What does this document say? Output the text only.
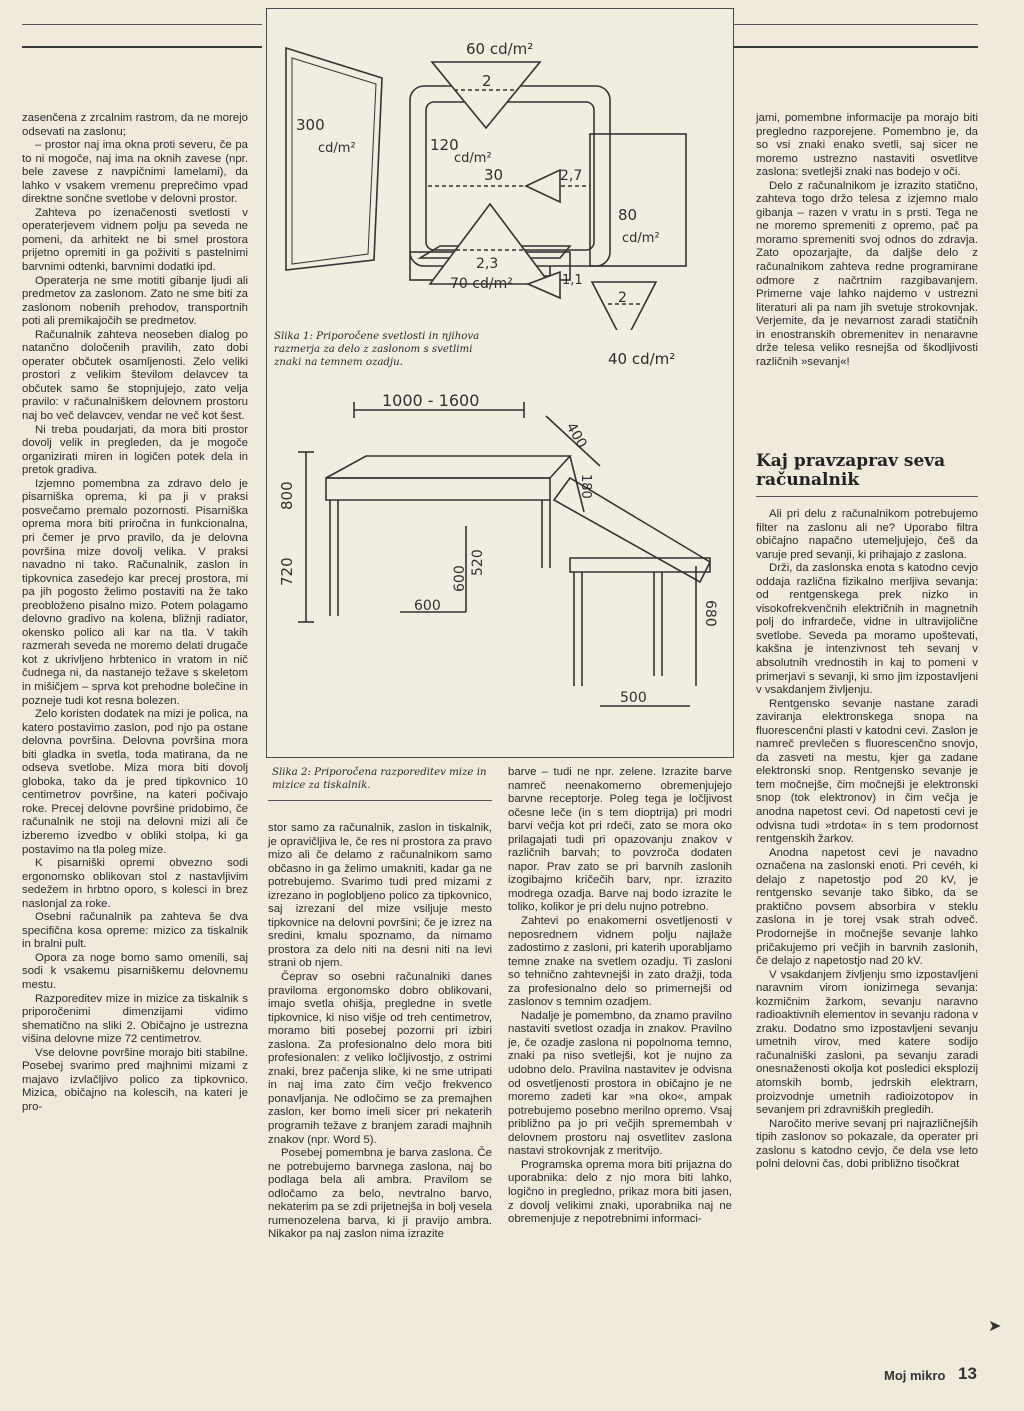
zasenčena z zrcalnim rastrom, da ne morejo odsevati na zaslonu;

– prostor naj ima okna proti severu, če pa to ni mogoče, naj ima na oknih zavese (npr. bele zavese z navpičnimi lamelami), da lahko v vsakem vremenu preprečimo vpad direktne sončne svetlobe v delovni prostor.

Zahteva po izenačenosti svetlosti v operaterjevem vidnem polju pa seveda ne pomeni, da arhitekt ne bi smel prostora prijetno opremiti in ga poživiti s pastelnimi barvnimi odtenki, barvnimi dodatki ipd.

Operaterja ne sme motiti gibanje ljudi ali predmetov za zaslonom. Zato ne sme biti za zaslonom nobenih prehodov, transportnih poti ali premikajočih se predmetov.

Računalnik zahteva neoseben dialog po natančno določenih pravilih, zato dobi operater občutek osamljenosti. Zelo veliki prostori z velikim številom delavcev ta občutek samo še stopnjujejo, zato velja pravilo: v računalniškem delovnem prostoru naj bo več delavcev, vendar ne več kot šest.

Ni treba poudarjati, da mora biti prostor dovolj velik in pregleden, da je mogoče organizirati miren in logičen potek dela in pretok gradiva.

Izjemno pomembna za zdravo delo je pisarniška oprema, ki pa ji v praksi posvečamo premalo pozornosti. Pisarniška oprema mora biti priročna in funkcionalna, pri čemer je prvo pravilo, da je delovna površina mize dovolj velika. V praksi navadno ni tako. Računalnik, zaslon in tipkovnica zasedejo kar precej prostora, mi pa jih pogosto želimo postaviti na že tako preobloženo pisalno mizo. Potem polagamo delovno gradivo na kolena, bližnji radiator, okensko polico ali kar na tla. V takih razmerah seveda ne moremo delati drugače kot z ukrivljeno hrbtenico in vratom in nič čudnega ni, da nastanejo težave s skeletom in mišičjem – sprva kot prehodne bolečine in pozneje tudi kot resna bolezen.

Zelo koristen dodatek na mizi je polica, na katero postavimo zaslon, pod njo pa ostane delovna površina. Delovna površina mora biti gladka in svetla, toda matirana, da ne odseva svetlobe. Miza mora biti dovolj globoka, tako da je pred tipkovnico 10 centimetrov površine, na kateri počivajo roke. Precej delovne površine pridobimo, če računalnik ne stoji na delovni mizi ali če izberemo izvedbo v obliki stolpa, ki ga postavimo na tla poleg mize.

K pisarniški opremi obvezno sodi ergonomsko oblikovan stol z nastavljivim sedežem in hrbtno oporo, s kolesci in brez naslonjal za roke.

Osebni računalnik pa zahteva še dva specifična kosa opreme: mizico za tiskalnik in bralni pult.

Opora za noge bomo samo omenili, saj sodi k vsakemu pisarniškemu delovnemu mestu.

Razporeditev mize in mizice za tiskalnik s priporočenimi dimenzijami vidimo shematično na sliki 2. Običajno je ustrezna višina delovne mize 72 centimetrov.

Vse delovne površine morajo biti stabilne. Posebej svarimo pred majhnimi mizami z majavo izvlačljivo polico za tipkovnico. Mizica, običajno na kolescih, na kateri je pro-

60 cd/m²
2
300
cd/m²	120
cd/m²
30	2,7
80
cd/m²
2,3
70 cd/m²	1,1
2
40 cd/m²
Slika 1: Priporočene svetlosti in njihova razmerja za delo z zaslonom s svetlimi znaki na temnem ozadju.
1000 - 1600
800
720	520
600
600
400
180
680
500
Slika 2: Priporočena razporeditev mize in mizice za tiskalnik.

stor samo za računalnik, zaslon in tiskalnik, je opravičljiva le, če res ni prostora za pravo mizo ali če delamo z računalnikom samo občasno in ga želimo umakniti, kadar ga ne potrebujemo. Svarimo tudi pred mizami z izrezano in poglobljeno polico za tipkovnico, saj izrezani del mize vsiljuje mesto tipkovnice na delovni površini; če je izrez na sredini, kmalu spoznamo, da nimamo prostora za delo niti na desni niti na levi strani ob njem.

Čeprav so osebni računalniki danes praviloma ergonomsko dobro oblikovani, imajo svetla ohišja, pregledne in svetle tipkovnice, ki niso višje od treh centimetrov, moramo biti posebej pozorni pri izbiri zaslona. Za profesionalno delo mora biti profesionalen: z veliko ločljivostjo, z ostrimi znaki, brez pačenja slike, ki ne sme utripati in naj ima zato čim večjo frekvenco ponavljanja. Ne odločimo se za premajhen zaslon, ker bomo imeli sicer pri nekaterih programih težave z branjem zaradi majhnih znakov (npr. Word 5).

Posebej pomembna je barva zaslona. Če ne potrebujemo barvnega zaslona, naj bo podlaga bela ali ambra. Pravilom se odločamo za belo, nevtralno barvo, nekaterim pa se zdi prijetnejša in bolj vesela rumenozelena barva, ki ji pravijo ambra. Nikakor pa naj zaslon nima izrazite

barve – tudi ne npr. zelene. Izrazite barve namreč neenakomerno obremenjujejo barvne receptorje. Poleg tega je ločljivost očesne leče (in s tem dioptrija) pri modri barvi večja kot pri rdeči, zato se mora oko prilagajati tudi pri opazovanju znakov v različnih barvah; to povzroča dodaten napor. Prav zato se pri barvnih zaslonih izogibajmo kričečih barv, npr. izrazito modrega ozadja. Barve naj bodo izrazite le toliko, kolikor je pri delu nujno potrebno.

Zahtevi po enakomerni osvetljenosti v neposrednem vidnem polju najlaže zadostimo z zasloni, pri katerih uporabljamo temne znake na svetlem ozadju. Ti zasloni so tehnično zahtevnejši in zato dražji, toda za profesionalno delo so primernejši od zaslonov s temnim ozadjem.

Nadalje je pomembno, da znamo pravilno nastaviti svetlost ozadja in znakov. Pravilno je, če ozadje zaslona ni popolnoma temno, znaki pa niso svetlejši, kot je nujno za udobno delo. Pravilna nastavitev je odvisna od osvetljenosti prostora in običajno je ne moremo zadeti kar »na oko«, ampak potrebujemo posebno merilno opremo. Vsaj približno pa jo pri večjih spremembah v delovnem prostoru naj osvetlitev zaslona nastavi strokovnjak z meritvijo.

Programska oprema mora biti prijazna do uporabnika: delo z njo mora biti lahko, logično in pregledno, prikaz mora biti jasen, z dovolj velikimi znaki, uporabnika naj ne obremenjuje z nepotrebnimi informaci-

jami, pomembne informacije pa morajo biti pregledno razporejene. Pomembno je, da so vsi znaki enako svetli, saj sicer ne moremo ustrezno nastaviti osvetlitve zaslona: svetlejši znaki nas bodejo v oči.

Delo z računalnikom je izrazito statično, zahteva togo držo telesa z izjemno malo gibanja – razen v vratu in s prsti. Tega ne ne moremo spremeniti z opremo, pač pa moramo spremeniti svoj odnos do zdravja. Zato opozarjajte, da daljše delo z računalnikom zahteva redne programirane odmore z načrtnim razgibavanjem. Primerne vaje lahko najdemo v ustrezni literaturi ali pa nam jih svetuje strokovnjak. Verjemite, da je nevarnost zaradi statičnih in enostranskih obremenitev in nenaravne drže telesa veliko resnejša od škodljivosti različnih »sevanj«!

Kaj pravzaprav seva računalnik

Ali pri delu z računalnikom potrebujemo filter na zaslonu ali ne? Uporabo filtra običajno napačno utemeljujejo, češ da varuje pred sevanji, ki prihajajo z zaslona.

Drži, da zaslonska enota s katodno cevjo oddaja različna fizikalno merljiva sevanja: od rentgenskega prek nizko in visokofrekvenčnih električnih in magnetnih polj do infrardeče, vidne in ultravijolične svetlobe. Seveda pa moramo upoštevati, kakšna je intenzivnost teh sevanj v absolutnih vrednostih in kaj to pomeni v primerjavi s sevanji, ki smo jim izpostavljeni v vsakdanjem življenju.

Rentgensko sevanje nastane zaradi zaviranja elektronskega snopa na fluorescenčni plasti v katodni cevi. Zaslon je namreč prevlečen s fluorescenčno snovjo, da zasveti na mestu, kjer ga zadane elektronski snop. Rentgensko sevanje je tem močnejše, čim močnejši je elektronski snop (tok elektronov) in čim večja je anodna napetost cevi. Od napetosti cevi je odvisna tudi »trdota« in s tem prodornost rentgenskih žarkov.

Anodna napetost cevi je navadno označena na zaslonski enoti. Pri cevéh, ki delajo z napetostjo pod 20 kV, je rentgensko sevanje tako šibko, da se praktično povsem absorbira v steklu zaslona in je torej vsak strah odveč. Prodornejše in močnejše sevanje lahko pričakujemo pri večjih in barvnih zaslonih, če delajo z napetostjo nad 20 kV.

V vsakdanjem življenju smo izpostavljeni naravnim virom ionizirnega sevanja: kozmičnim žarkom, sevanju naravno radioaktivnih elementov in sevanju radona v zraku. Dodatno smo izpostavljeni sevanju umetnih virov, med katere sodijo računalniški zasloni, pa sevanju zaradi onesnaženosti okolja kot posledici eksplozij atomskih bomb, jedrskih elektrarn, proizvodnje umetnih radioizotopov in sevanjem pri zdravniških pregledih.

Naročito merive sevanj pri najrazličnejših tipih zaslonov so pokazale, da operater pri zaslonu s katodno cevjo, če dela vse leto polni delovni čas, dobi približno tisočkrat

➤
Moj mikro 13
